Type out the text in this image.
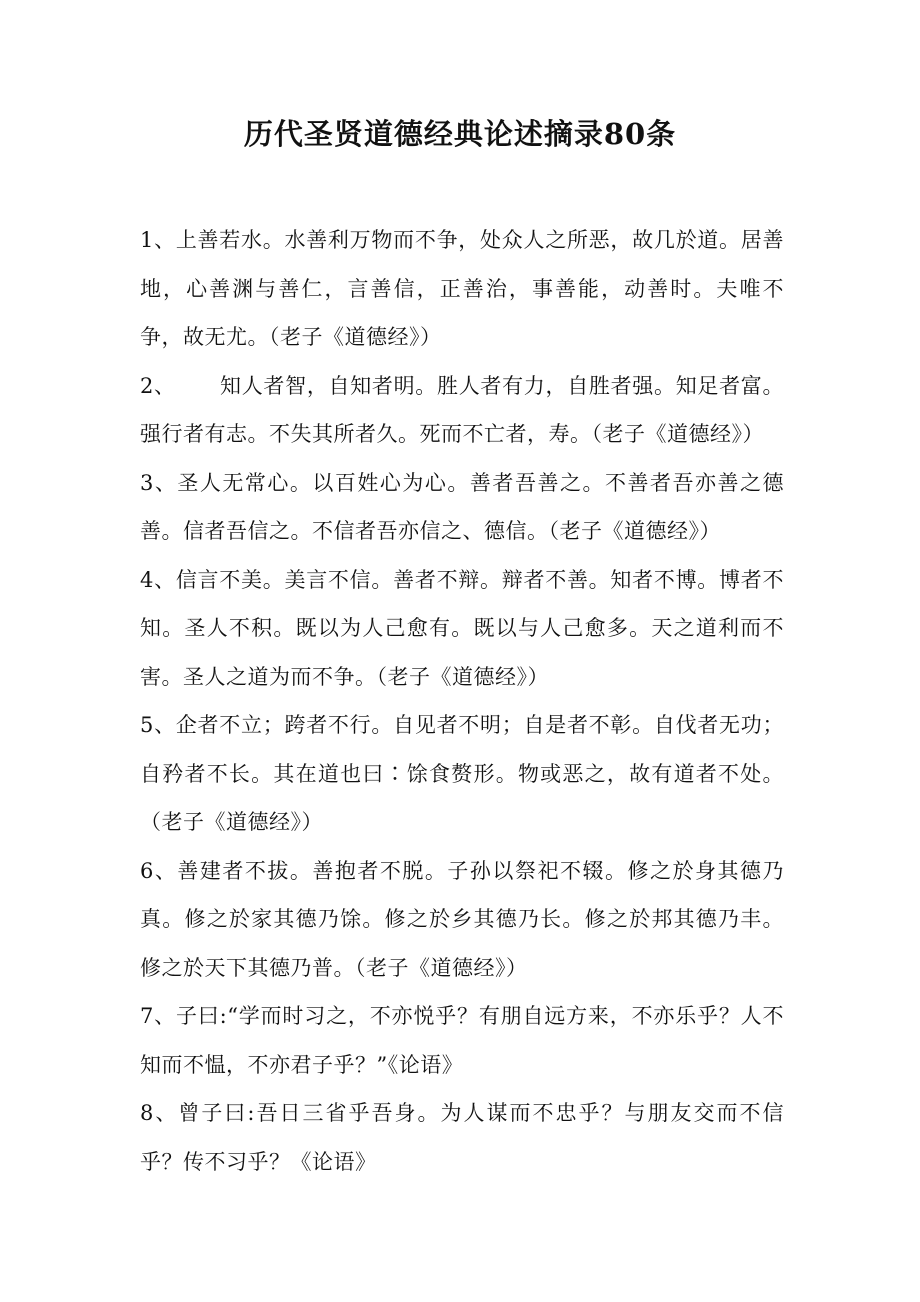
历代圣贤道德经典论述摘录80条

1、上善若水。水善利万物而不争，处众人之所恶，故几於道。居善地，心善渊与善仁，言善信，正善治，事善能，动善时。夫唯不争，故无尤。（老子《道德经》）

2、      知人者智，自知者明。胜人者有力，自胜者强。知足者富。强行者有志。不失其所者久。死而不亡者，寿。（老子《道德经》）

3、圣人无常心。以百姓心为心。善者吾善之。不善者吾亦善之德善。信者吾信之。不信者吾亦信之、德信。（老子《道德经》）

4、信言不美。美言不信。善者不辩。辩者不善。知者不博。博者不知。圣人不积。既以为人己愈有。既以与人己愈多。天之道利而不害。圣人之道为而不争。（老子《道德经》）

5、企者不立；跨者不行。自见者不明；自是者不彰。自伐者无功；自矜者不长。其在道也曰∶馀食赘形。物或恶之，故有道者不处。（老子《道德经》）

6、善建者不拔。善抱者不脱。子孙以祭祀不辍。修之於身其德乃真。修之於家其德乃馀。修之於乡其德乃长。修之於邦其德乃丰。修之於天下其德乃普。（老子《道德经》）

7、子曰:“学而时习之，不亦悦乎？有朋自远方来，不亦乐乎？人不知而不愠，不亦君子乎？”《论语》

8、曾子曰:吾日三省乎吾身。为人谋而不忠乎？与朋友交而不信乎？传不习乎？《论语》
